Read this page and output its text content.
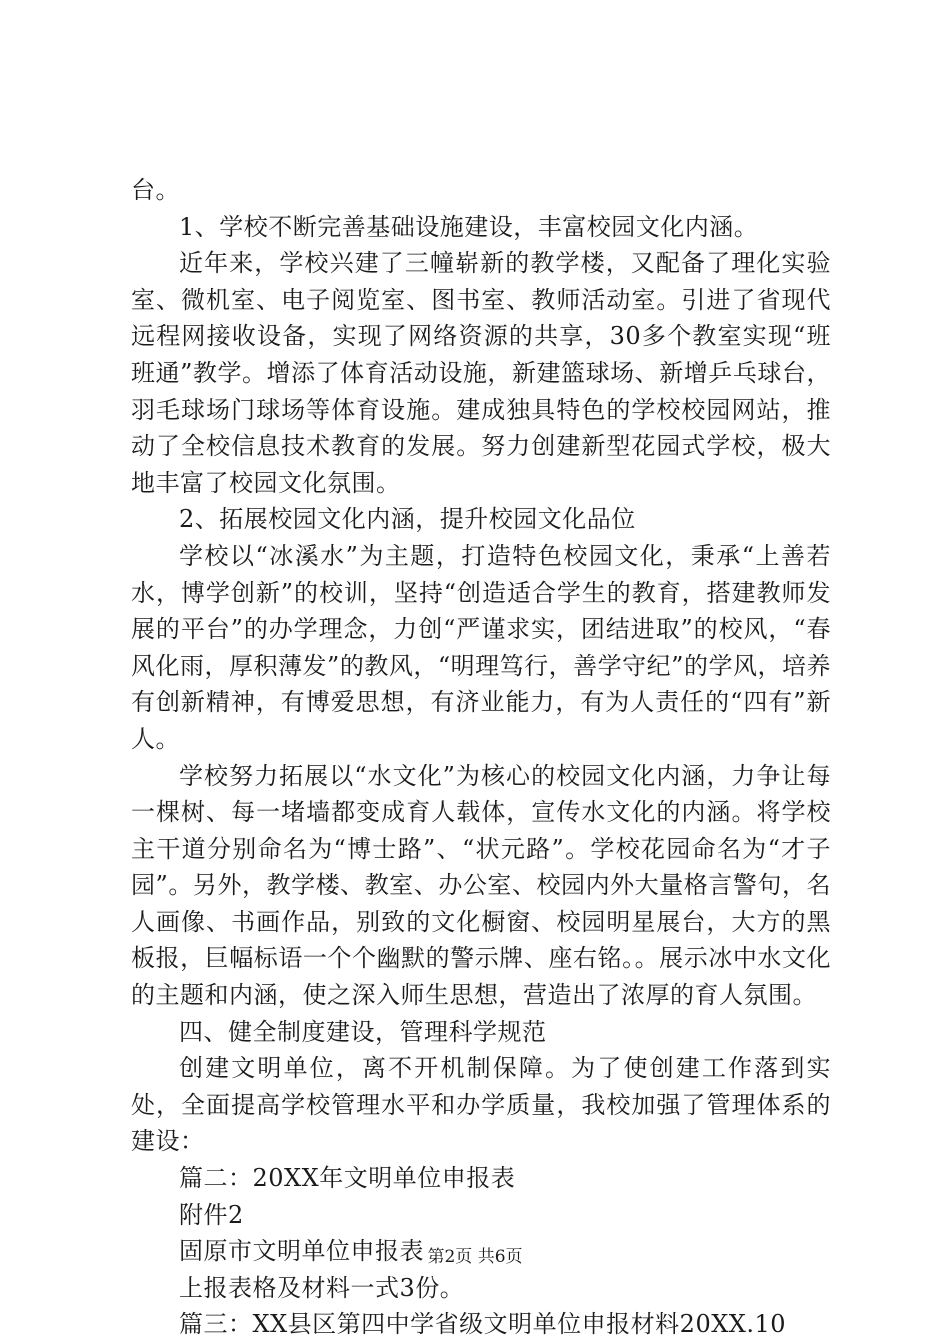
台。

1、学校不断完善基础设施建设，丰富校园文化内涵。

近年来，学校兴建了三幢崭新的教学楼，又配备了理化实验室、微机室、电子阅览室、图书室、教师活动室。引进了省现代远程网接收设备，实现了网络资源的共享，30多个教室实现“班班通”教学。增添了体育活动设施，新建篮球场、新增乒乓球台，羽毛球场门球场等体育设施。建成独具特色的学校校园网站，推动了全校信息技术教育的发展。努力创建新型花园式学校，极大地丰富了校园文化氛围。

2、拓展校园文化内涵，提升校园文化品位

学校以“冰溪水”为主题，打造特色校园文化，秉承“上善若水，博学创新”的校训，坚持“创造适合学生的教育，搭建教师发展的平台”的办学理念，力创“严谨求实，团结进取”的校风，“春风化雨，厚积薄发”的教风，“明理笃行，善学守纪”的学风，培养有创新精神，有博爱思想，有济业能力，有为人责任的“四有”新人。

学校努力拓展以“水文化”为核心的校园文化内涵，力争让每一棵树、每一堵墙都变成育人载体，宣传水文化的内涵。将学校主干道分别命名为“博士路”、“状元路”。学校花园命名为“才子园”。另外，教学楼、教室、办公室、校园内外大量格言警句，名人画像、书画作品，别致的文化橱窗、校园明星展台，大方的黑板报，巨幅标语一个个幽默的警示牌、座右铭。。展示冰中水文化的主题和内涵，使之深入师生思想，营造出了浓厚的育人氛围。

四、健全制度建设，管理科学规范

创建文明单位，离不开机制保障。为了使创建工作落到实处，全面提高学校管理水平和办学质量，我校加强了管理体系的建设：

篇二：20XX年文明单位申报表

附件2

固原市文明单位申报表

上报表格及材料一式3份。

篇三：XX县区第四中学省级文明单位申报材料20XX.10

第2页 共6页
